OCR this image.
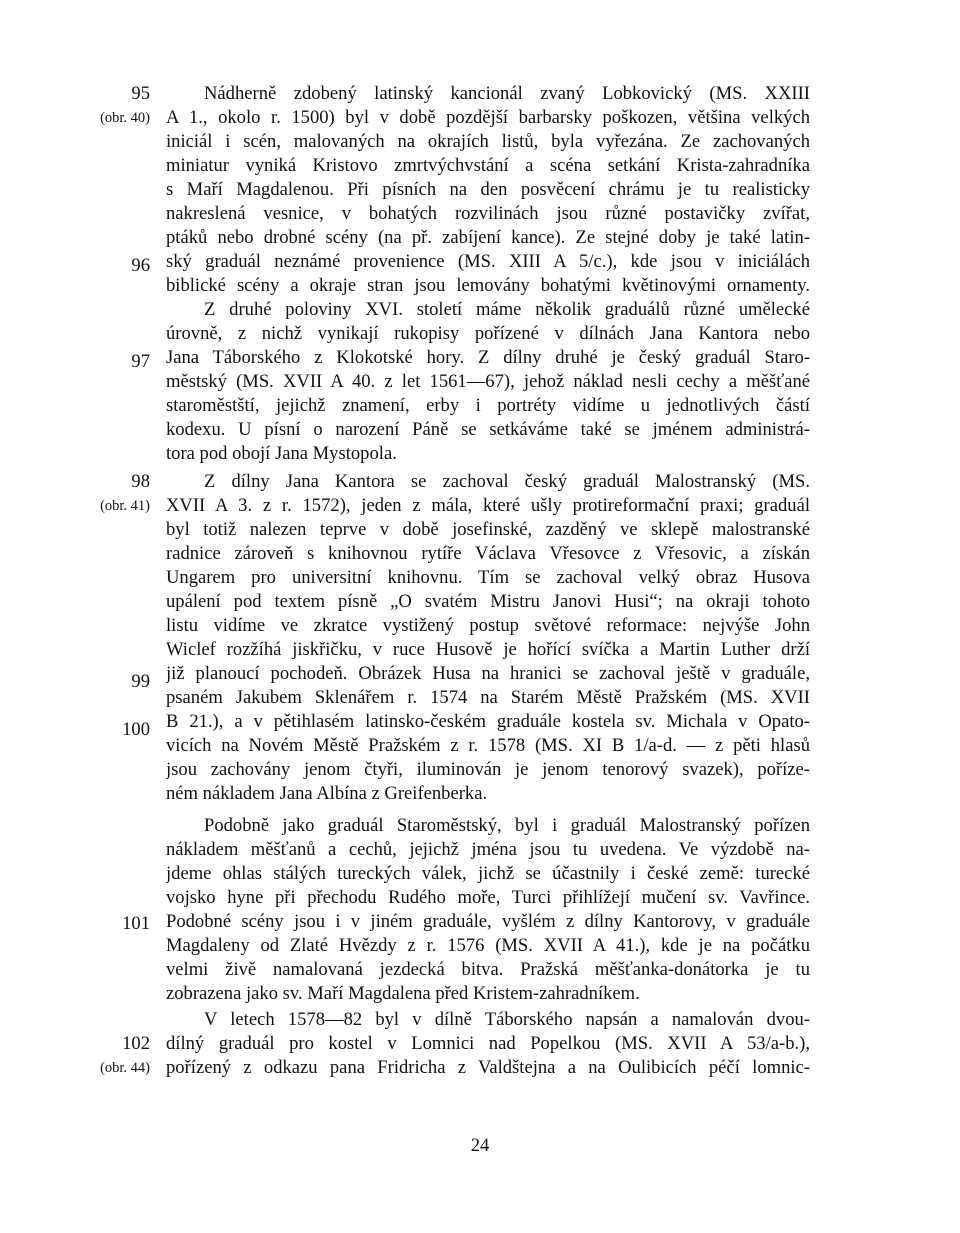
95
(obr. 40)
96
97
98
(obr. 41)
99
100
101
102
(obr. 44)
Nádherně zdobený latinský kancionál zvaný Lobkovický (MS. XXIII
A 1., okolo r. 1500) byl v době pozdější barbarsky poškozen, většina velkých
iniciál i scén, malovaných na okrajích listů, byla vyřezána. Ze zachovaných
miniatur vyniká Kristovo zmrtvýchvstání a scéna setkání Krista-zahradníka
s Maří Magdalenou. Při písních na den posvěcení chrámu je tu realisticky
nakreslená vesnice, v bohatých rozvilinách jsou různé postavičky zvířat,
ptáků nebo drobné scény (na př. zabíjení kance). Ze stejné doby je také latin-
ský graduál neznámé provenience (MS. XIII A 5/c.), kde jsou v iniciálách
biblické scény a okraje stran jsou lemovány bohatými květinovými ornamenty.
Z druhé poloviny XVI. století máme několik graduálů různé umělecké
úrovně, z nichž vynikají rukopisy pořízené v dílnách Jana Kantora nebo
Jana Táborského z Klokotské hory. Z dílny druhé je český graduál Staro-
městský (MS. XVII A 40. z let 1561—67), jehož náklad nesli cechy a měšťané
staroměstští, jejichž znamení, erby i portréty vidíme u jednotlivých částí
kodexu. U písní o narození Páně se setkáváme také se jménem administrá-
tora pod obojí Jana Mystopola.
Z dílny Jana Kantora se zachoval český graduál Malostranský (MS.
XVII A 3. z r. 1572), jeden z mála, které ušly protireformační praxi; graduál
byl totiž nalezen teprve v době josefinské, zazděný ve sklepě malostranské
radnice zároveň s knihovnou rytíře Václava Vřesovce z Vřesovic, a získán
Ungarem pro universitní knihovnu. Tím se zachoval velký obraz Husova
upálení pod textem písně „O svatém Mistru Janovi Husi“; na okraji tohoto
listu vidíme ve zkratce vystižený postup světové reformace: nejvýše John
Wiclef rozžíhá jiskřičku, v ruce Husově je hořící svíčka a Martin Luther drží
již planoucí pochodeň. Obrázek Husa na hranici se zachoval ještě v graduále,
psaném Jakubem Sklenářem r. 1574 na Starém Městě Pražském (MS. XVII
B 21.), a v pětihlasém latinsko-českém graduále kostela sv. Michala v Opato-
vicích na Novém Městě Pražském z r. 1578 (MS. XI B 1/a-d. — z pěti hlasů
jsou zachovány jenom čtyři, iluminován je jenom tenorový svazek), pořízе-
ném nákladem Jana Albína z Greifenberka.
Podobně jako graduál Staroměstský, byl i graduál Malostranský pořízen
nákladem měšťanů a cechů, jejichž jména jsou tu uvedena. Ve výzdobě na-
jdeme ohlas stálých tureckých válek, jichž se účastnily i české země: turecké
vojsko hyne při přechodu Rudého moře, Turci přihlížejí mučení sv. Vavřince.
Podobné scény jsou i v jiném graduále, vyšlém z dílny Kantorovy, v graduále
Magdaleny od Zlaté Hvězdy z r. 1576 (MS. XVII A 41.), kde je na počátku
velmi živě namalovaná jezdecká bitva. Pražská měšťanka-donátorka je tu
zobrazena jako sv. Maří Magdalena před Kristem-zahradníkem.
V letech 1578—82 byl v dílně Táborského napsán a namalován dvou-
dílný graduál pro kostel v Lomnici nad Popelkou (MS. XVII A 53/a-b.),
pořízený z odkazu pana Fridricha z Valdštejna a na Oulibicích péčí lomnic-
24
